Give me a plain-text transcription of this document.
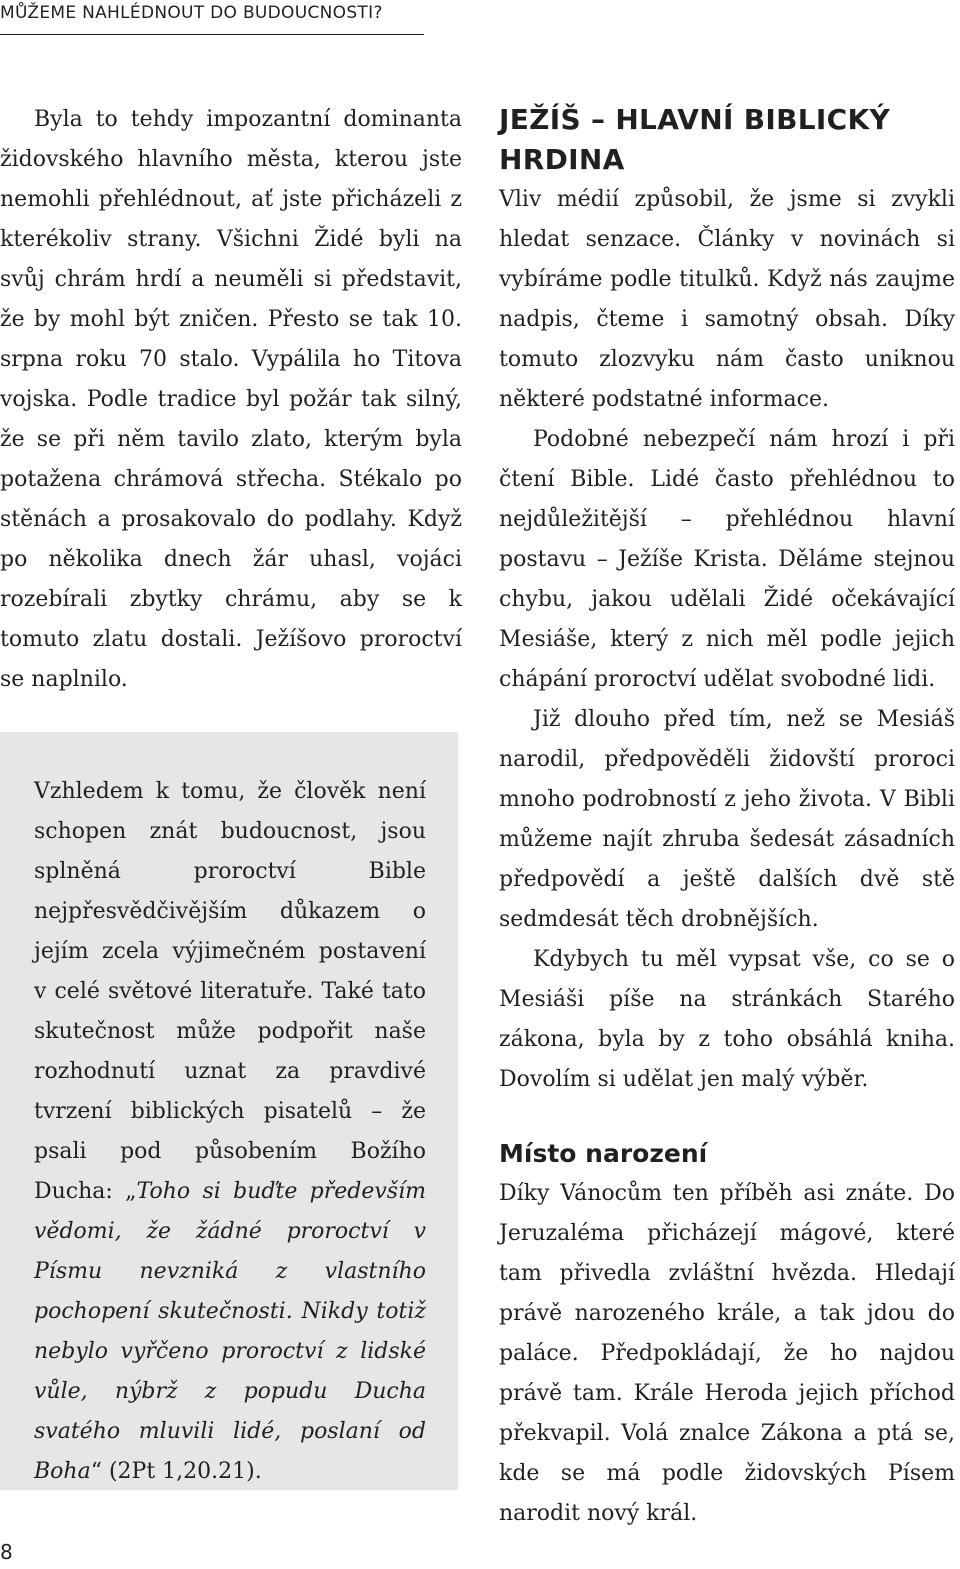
MŮŽEME NAHLÉDNOUT DO BUDOUCNOSTI?

Byla to tehdy impozantní dominanta židovského hlavního města, kterou jste nemohli přehlédnout, ať jste přicházeli z kterékoliv strany. Všichni Židé byli na svůj chrám hrdí a neuměli si představit, že by mohl být zničen. Přesto se tak 10. srpna roku 70 stalo. Vypálila ho Titova vojska. Podle tradice byl požár tak silný, že se při něm tavilo zlato, kterým byla potažena chrámová střecha. Stékalo po stěnách a prosakovalo do podlahy. Když po několika dnech žár uhasl, vojáci rozebírali zbytky chrámu, aby se k tomuto zlatu dostali. Ježíšovo proroctví se naplnilo.

Vzhledem k tomu, že člověk není schopen znát budoucnost, jsou splněná proroctví Bible nejpřesvědčivějším důkazem o jejím zcela výjimečném postavení v celé světové literatuře. Také tato skutečnost může podpořit naše rozhodnutí uznat za pravdivé tvrzení biblických pisatelů – že psali pod působením Božího Ducha: „Toho si buďte především vědomi, že žádné proroctví v Písmu nevzniká z vlastního pochopení skutečnosti. Nikdy totiž nebylo vyřčeno proroctví z lidské vůle, nýbrž z popudu Ducha svatého mluvili lidé, poslaní od Boha“ (2Pt 1,20.21).

JEŽÍŠ – HLAVNÍ BIBLICKÝ HRDINA

Vliv médií způsobil, že jsme si zvykli hledat senzace. Články v novinách si vybíráme podle titulků. Když nás zaujme nadpis, čteme i samotný obsah. Díky tomuto zlozvyku nám často uniknou některé podstatné informace.

Podobné nebezpečí nám hrozí i při čtení Bible. Lidé často přehlédnou to nejdůležitější – přehlédnou hlavní postavu – Ježíše Krista. Děláme stejnou chybu, jakou udělali Židé očekávající Mesiáše, který z nich měl podle jejich chápání proroctví udělat svobodné lidi.

Již dlouho před tím, než se Mesiáš narodil, předpověděli židovští proroci mnoho podrobností z jeho života. V Bibli můžeme najít zhruba šedesát zásadních předpovědí a ještě dalších dvě stě sedmdesát těch drobnějších.

Kdybych tu měl vypsat vše, co se o Mesiáši píše na stránkách Starého zákona, byla by z toho obsáhlá kniha. Dovolím si udělat jen malý výběr.

Místo narození

Díky Vánocům ten příběh asi znáte. Do Jeruzaléma přicházejí mágové, které tam přivedla zvláštní hvězda. Hledají právě narozeného krále, a tak jdou do paláce. Předpokládají, že ho najdou právě tam. Krále Heroda jejich příchod překvapil. Volá znalce Zákona a ptá se, kde se má podle židovských Písem narodit nový král.

8
